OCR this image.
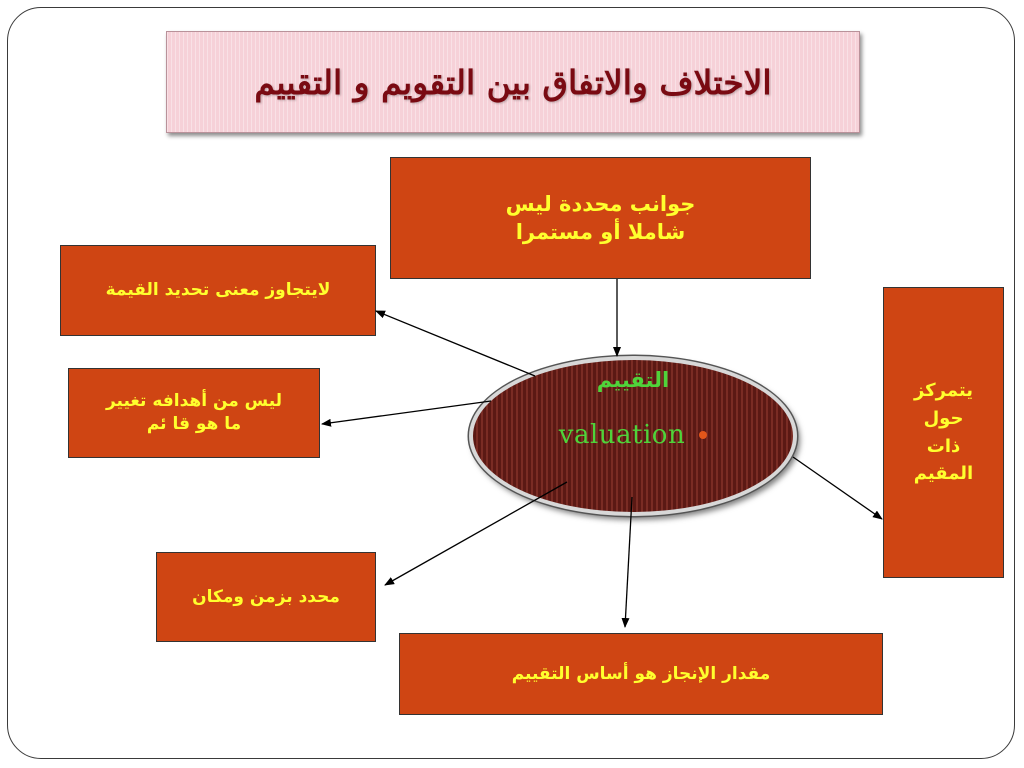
الاختلاف والاتفاق بين التقويم و التقييم
جوانب محددة ليس
شاملا أو مستمرا
لايتجاوز معنى تحديد القيمة
ليس من أهدافه تغيير
ما هو قا ئم
محدد بزمن ومكان
يتمركز
حول
ذات
المقيم
مقدار الإنجاز هو أساس التقييم
التقييم
valuation
